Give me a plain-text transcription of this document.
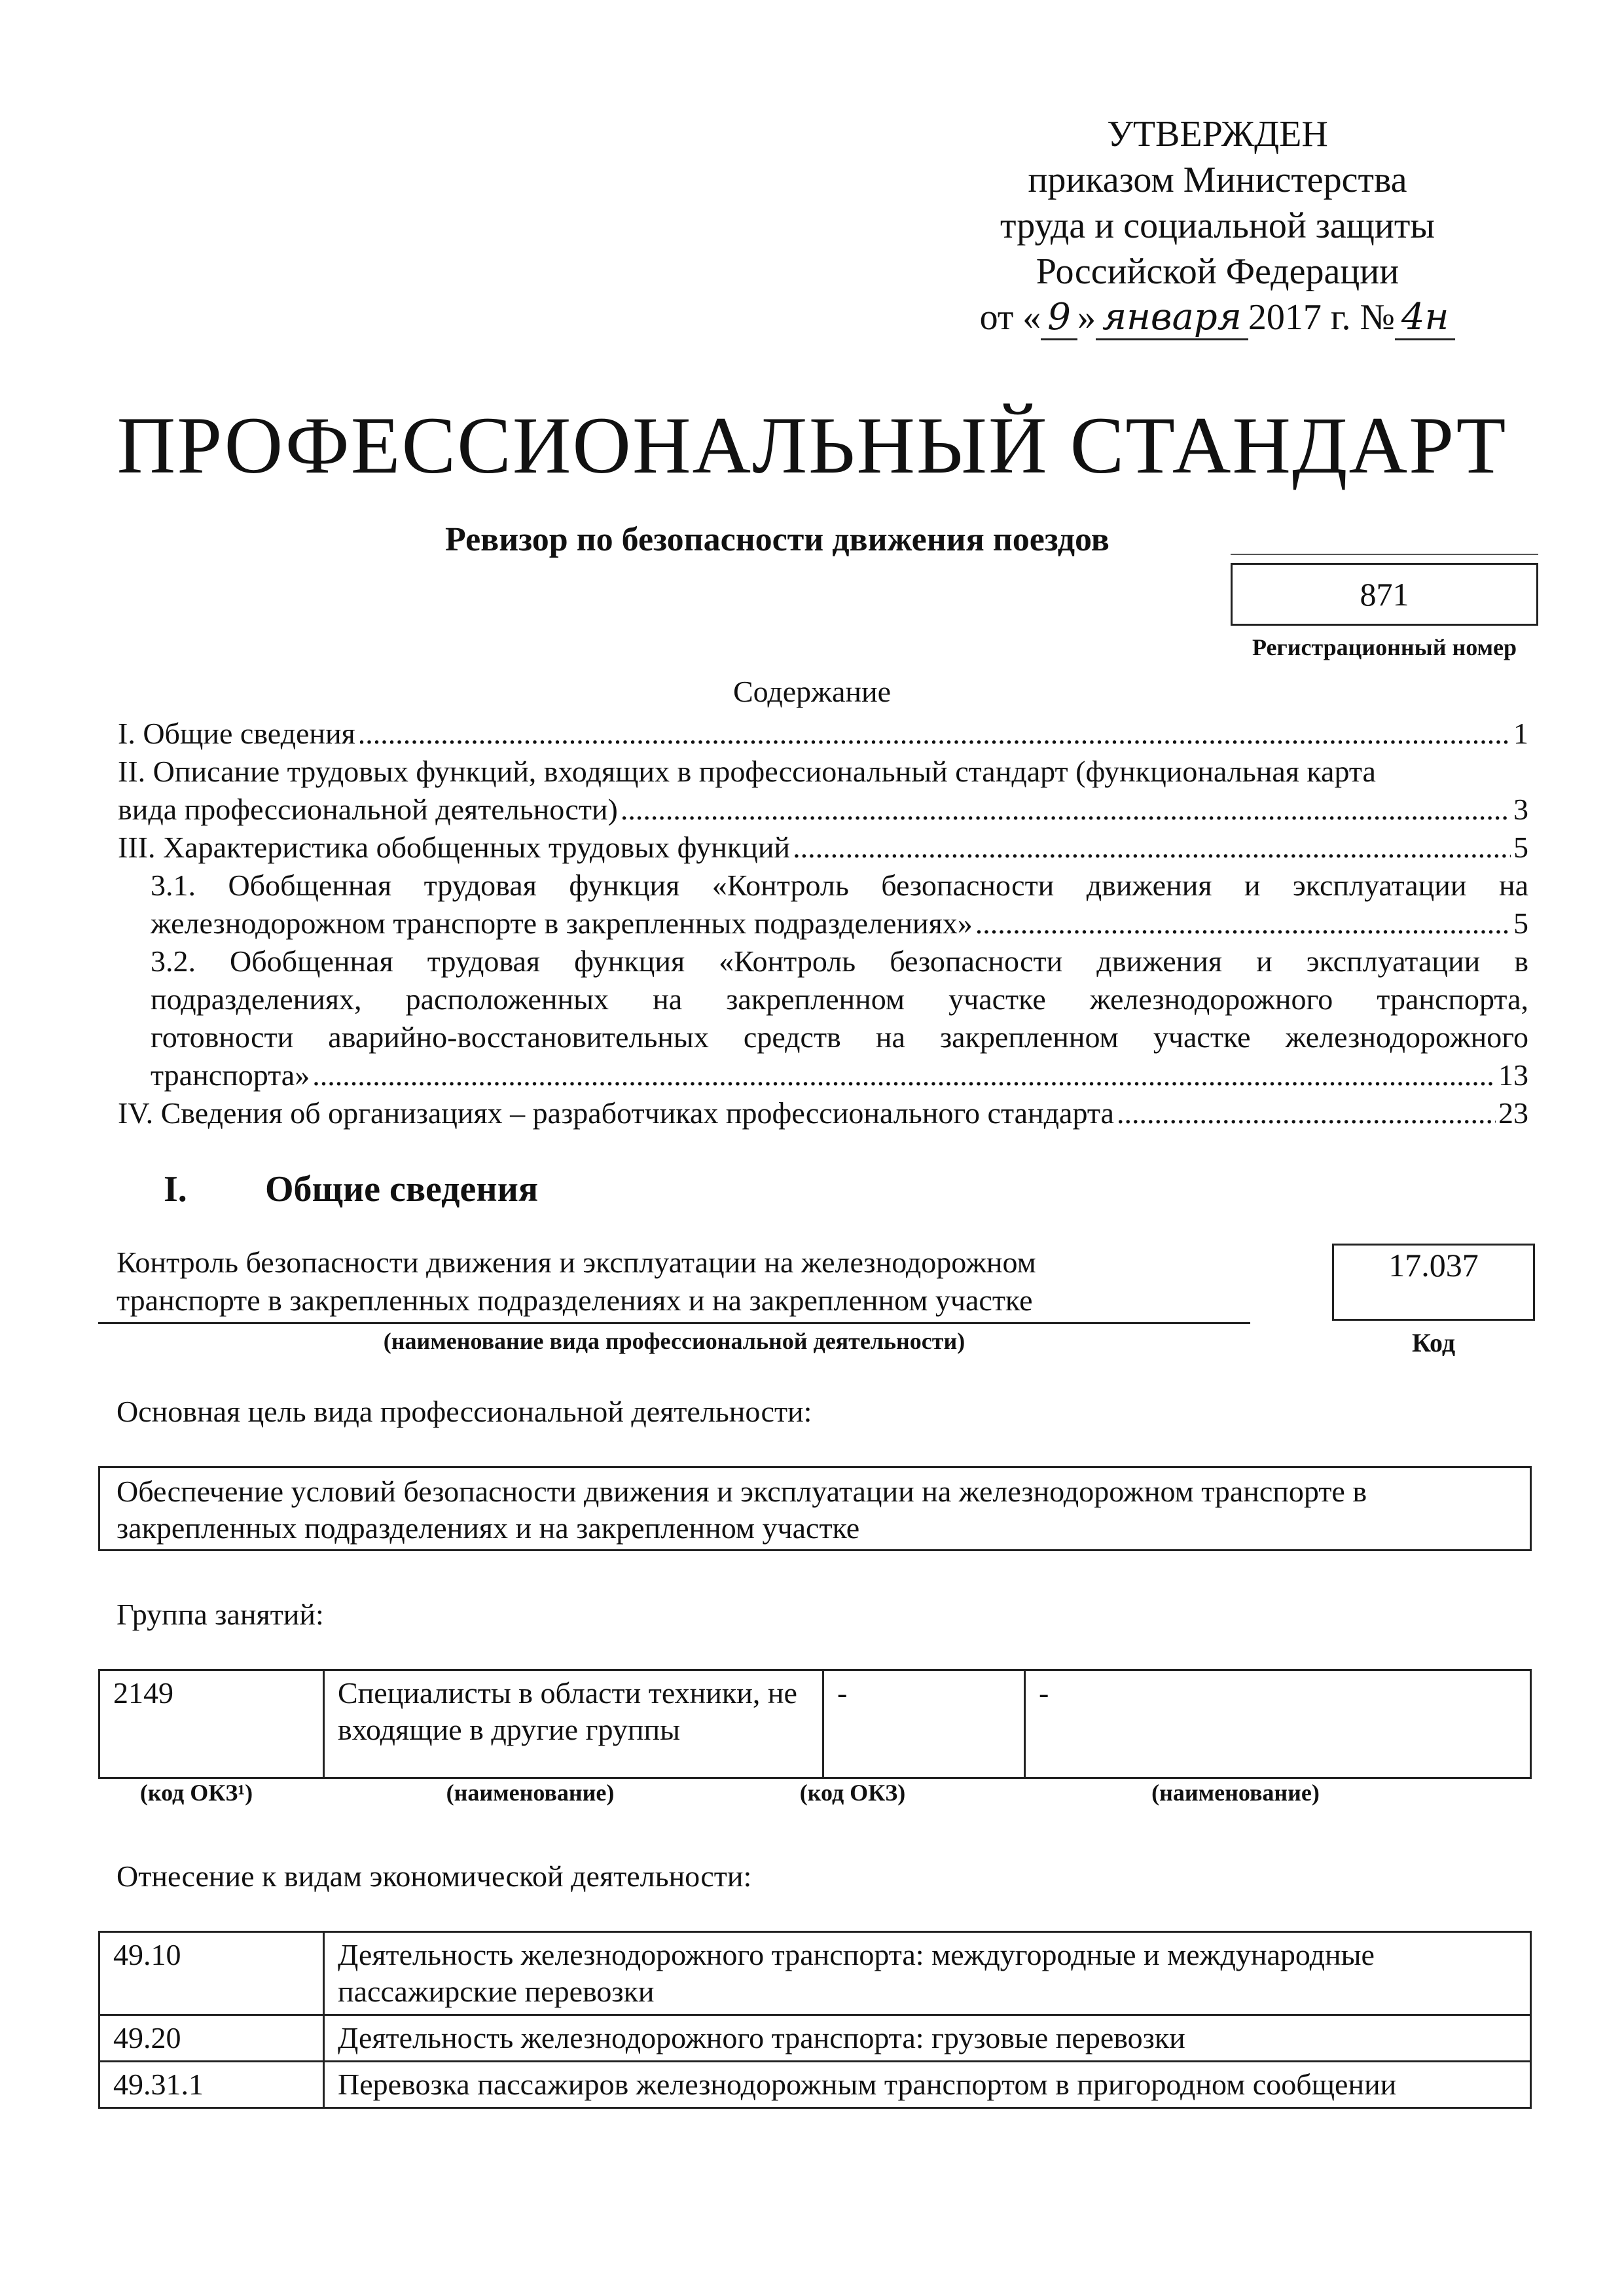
УТВЕРЖДЕН
приказом Министерства
труда и социальной защиты
Российской Федерации
от « 9 » января 2017 г. № 4н
ПРОФЕССИОНАЛЬНЫЙ СТАНДАРТ
Ревизор по безопасности движения поездов
871
Регистрационный номер
Содержание
I. Общие сведения .....	1
II. Описание трудовых функций, входящих в профессиональный стандарт (функциональная карта
вида профессиональной деятельности) .....	3
III. Характеристика обобщенных трудовых функций .....	5
3.1. Обобщенная трудовая функция «Контроль безопасности движения и эксплуатации на
железнодорожном транспорте в закрепленных подразделениях» .....	5
3.2. Обобщенная трудовая функция «Контроль безопасности движения и эксплуатации в
подразделениях, расположенных на закрепленном участке железнодорожного транспорта,
готовности аварийно-восстановительных средств на закрепленном участке железнодорожного
транспорта» .....	13
IV. Сведения об организациях – разработчиках профессионального стандарта .....	23
I. Общие сведения
Контроль безопасности движения и эксплуатации на железнодорожном
транспорте в закрепленных подразделениях и на закрепленном участке
(наименование вида профессиональной деятельности)
17.037
Код
Основная цель вида профессиональной деятельности:
Обеспечение условий безопасности движения и эксплуатации на железнодорожном транспорте в закрепленных подразделениях и на закрепленном участке
Группа занятий:
2149	Специалисты в области техники, не входящие в другие группы	-	-
(код ОКЗ¹)	(наименование)	(код ОКЗ)	(наименование)
Отнесение к видам экономической деятельности:
49.10	Деятельность железнодорожного транспорта: междугородные и международные пассажирские перевозки
49.20	Деятельность железнодорожного транспорта: грузовые перевозки
49.31.1	Перевозка пассажиров железнодорожным транспортом в пригородном сообщении
